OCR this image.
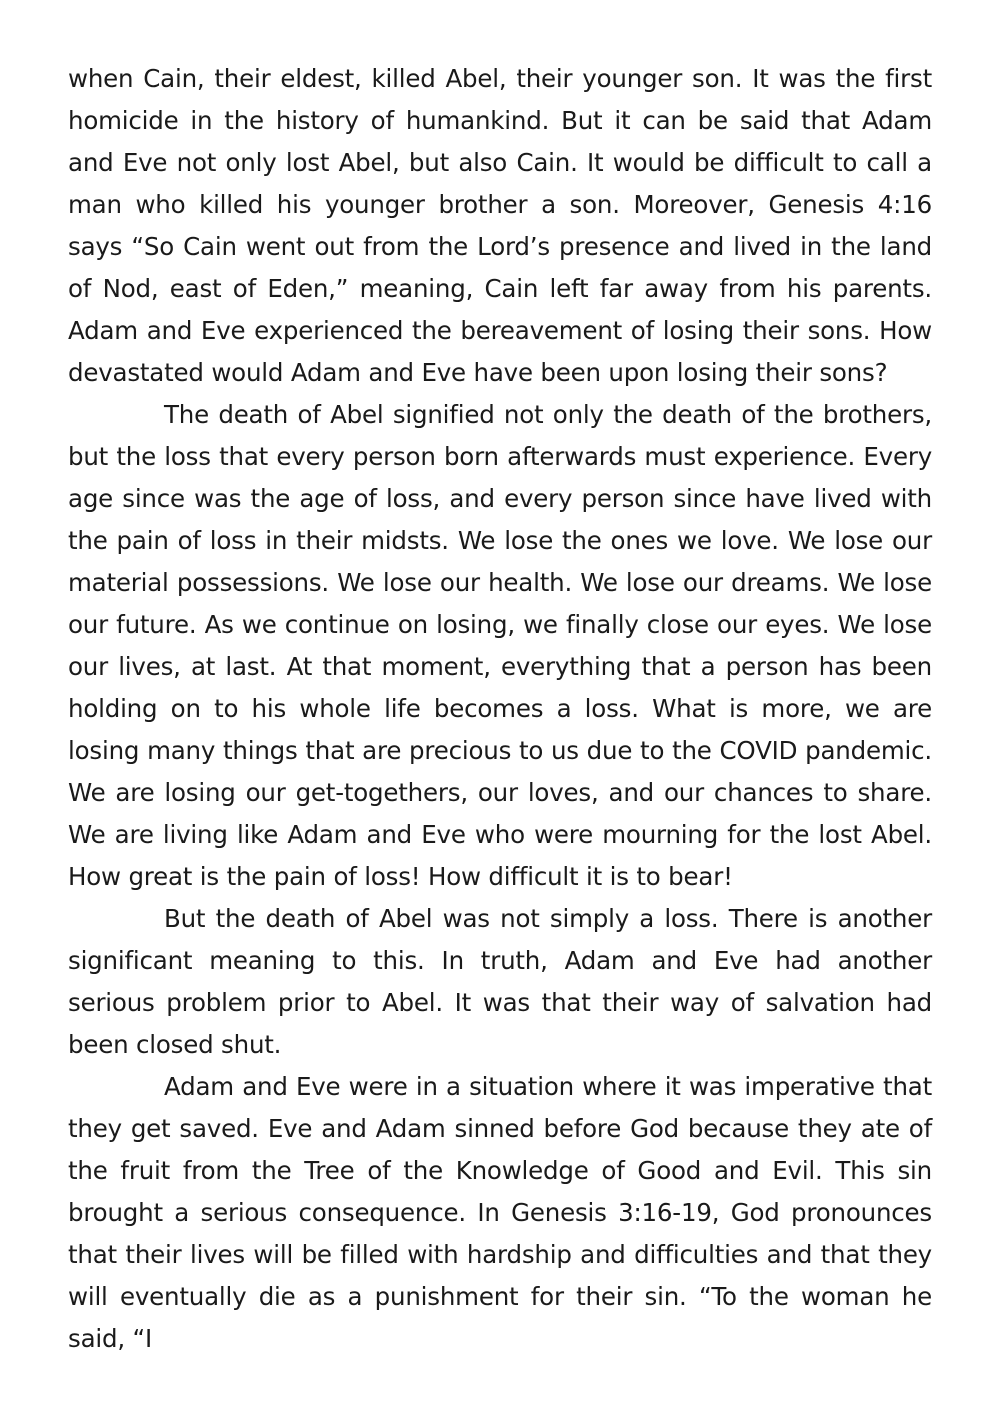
when Cain, their eldest, killed Abel, their younger son. It was the first homicide in the history of humankind. But it can be said that Adam and Eve not only lost Abel, but also Cain. It would be difficult to call a man who killed his younger brother a son. Moreover, Genesis 4:16 says “So Cain went out from the Lord’s presence and lived in the land of Nod, east of Eden,” meaning, Cain left far away from his parents. Adam and Eve experienced the bereavement of losing their sons. How devastated would Adam and Eve have been upon losing their sons?

The death of Abel signified not only the death of the brothers, but the loss that every person born afterwards must experience. Every age since was the age of loss, and every person since have lived with the pain of loss in their midsts. We lose the ones we love. We lose our material possessions. We lose our health. We lose our dreams. We lose our future. As we continue on losing, we finally close our eyes. We lose our lives, at last. At that moment, everything that a person has been holding on to his whole life becomes a loss. What is more, we are losing many things that are precious to us due to the COVID pandemic. We are losing our get-togethers, our loves, and our chances to share. We are living like Adam and Eve who were mourning for the lost Abel. How great is the pain of loss! How difficult it is to bear!

But the death of Abel was not simply a loss. There is another significant meaning to this. In truth, Adam and Eve had another serious problem prior to Abel. It was that their way of salvation had been closed shut.

Adam and Eve were in a situation where it was imperative that they get saved. Eve and Adam sinned before God because they ate of the fruit from the Tree of the Knowledge of Good and Evil. This sin brought a serious consequence. In Genesis 3:16-19, God pronounces that their lives will be filled with hardship and difficulties and that they will eventually die as a punishment for their sin. “To the woman he said, “I
